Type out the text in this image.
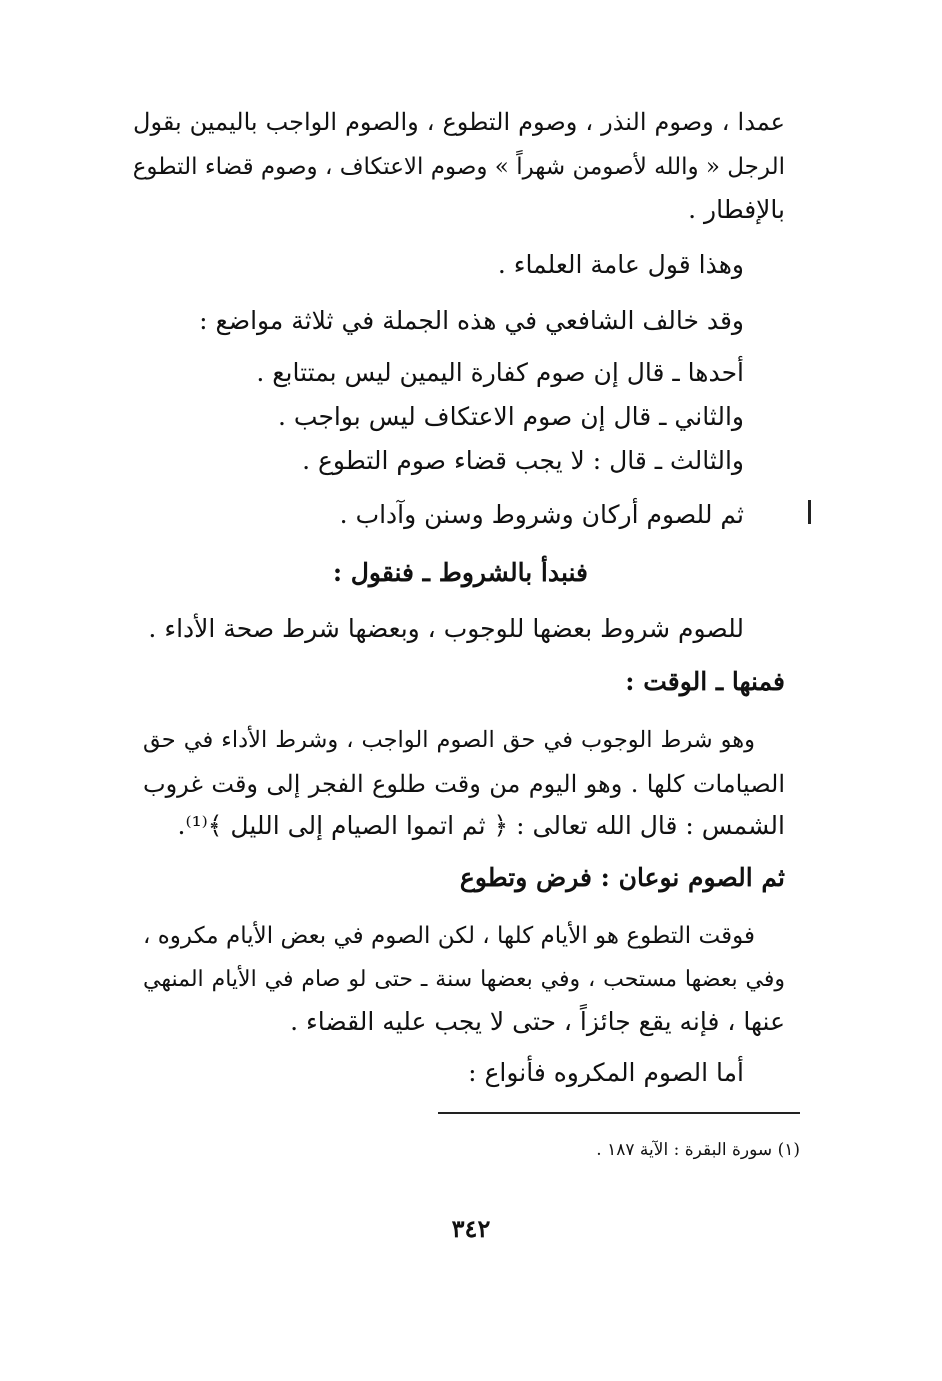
عمدا ، وصوم النذر ، وصوم التطوع ، والصوم الواجب باليمين بقول
الرجل « والله لأصومن شهراً » وصوم الاعتكاف ، وصوم قضاء التطوع
بالإفطار .
وهذا قول عامة العلماء .
وقد خالف الشافعي في هذه الجملة في ثلاثة مواضع :
أحدها ـ قال إن صوم كفارة اليمين ليس بمتتابع .
والثاني ـ قال إن صوم الاعتكاف ليس بواجب .
والثالث ـ قال : لا يجب قضاء صوم التطوع .
ثم للصوم أركان وشروط وسنن وآداب .
فنبدأ بالشروط ـ فنقول :
للصوم شروط بعضها للوجوب ، وبعضها شرط صحة الأداء .
فمنها ـ الوقت :
وهو شرط الوجوب في حق الصوم الواجب ، وشرط الأداء في حق
الصيامات كلها . وهو اليوم من وقت طلوع الفجر إلى وقت غروب
الشمس : قال الله تعالى : ﴿ ثم اتموا الصيام إلى الليل ﴾⁽¹⁾.
ثم الصوم نوعان : فرض وتطوع
فوقت التطوع هو الأيام كلها ، لكن الصوم في بعض الأيام مكروه ،
وفي بعضها مستحب ، وفي بعضها سنة ـ حتى لو صام في الأيام المنهي
عنها ، فإنه يقع جائزاً ، حتى لا يجب عليه القضاء .
أما الصوم المكروه فأنواع :
(١) سورة البقرة : الآية ١٨٧ .
٣٤٢
